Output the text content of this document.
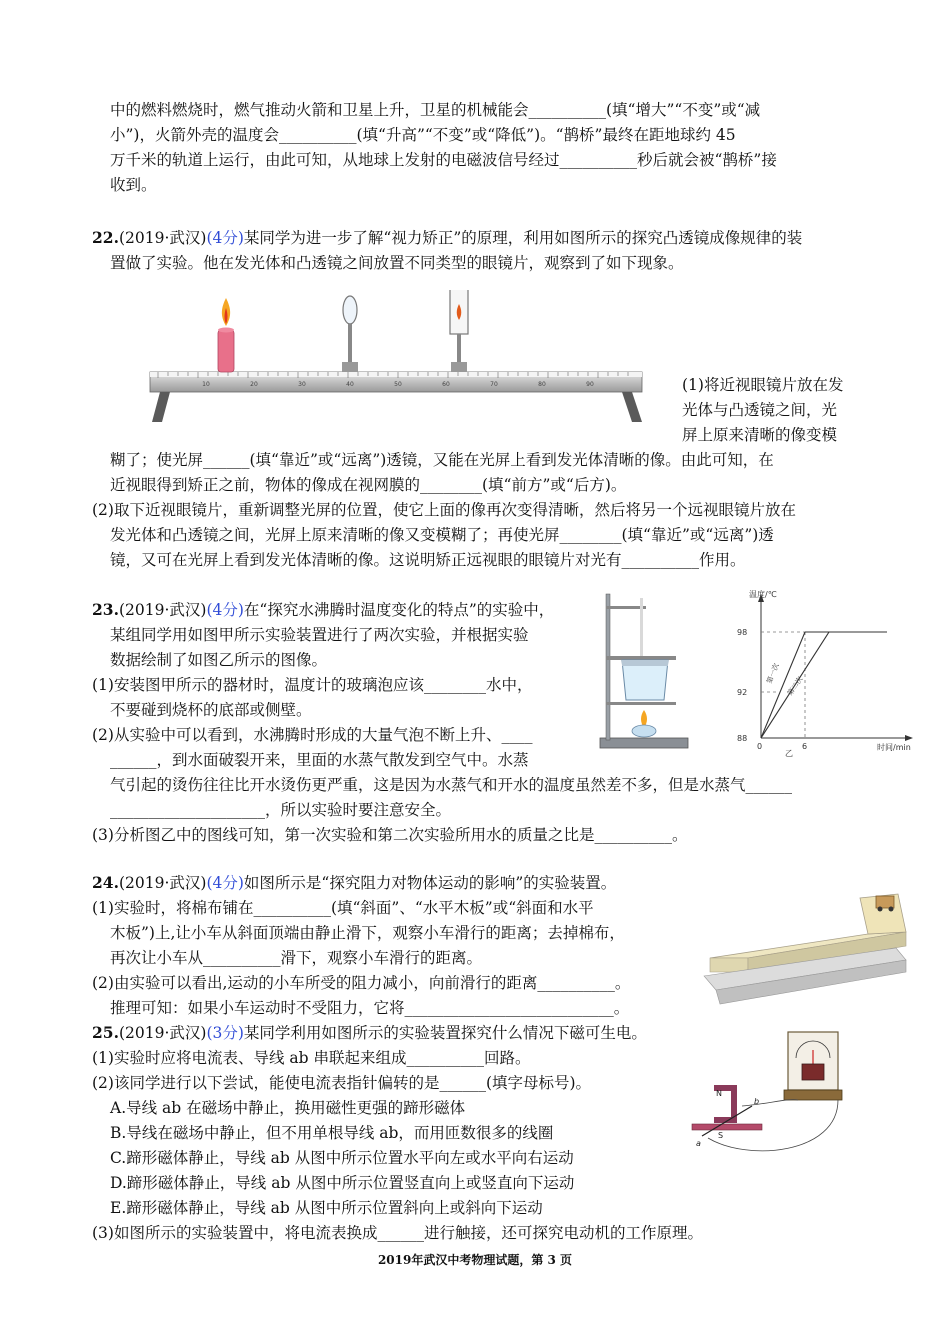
中的燃料燃烧时，燃气推动火箭和卫星上升，卫星的机械能会__________(填“增大”“不变”或“减
小”)，火箭外壳的温度会__________(填“升高”“不变”或“降低”)。“鹊桥”最终在距地球约 45
万千米的轨道上运行，由此可知，从地球上发射的电磁波信号经过__________秒后就会被“鹊桥”接
收到。
22.(2019·武汉)(4分)某同学为进一步了解“视力矫正”的原理，利用如图所示的探究凸透镜成像规律的装
置做了实验。他在发光体和凸透镜之间放置不同类型的眼镜片，观察到了如下现象。
10	20	30	40	50	60	70	80	90	(1)将近视眼镜片放在发
光体与凸透镜之间，光
屏上原来清晰的像变模
糊了；使光屏______(填“靠近”或“远离”)透镜，又能在光屏上看到发光体清晰的像。由此可知，在
近视眼得到矫正之前，物体的像成在视网膜的________(填“前方”或“后方)。
(2)取下近视眼镜片，重新调整光屏的位置，使它上面的像再次变得清晰，然后将另一个远视眼镜片放在
发光体和凸透镜之间，光屏上原来清晰的像又变模糊了；再使光屏________(填“靠近”或“远离”)透
镜，又可在光屏上看到发光体清晰的像。这说明矫正远视眼的眼镜片对光有__________作用。
23.(2019·武汉)(4分)在“探究水沸腾时温度变化的特点”的实验中，
某组同学用如图甲所示实验装置进行了两次实验，并根据实验
数据绘制了如图乙所示的图像。
(1)安装图甲所示的器材时，温度计的玻璃泡应该________水中，
不要碰到烧杯的底部或侧壁。
(2)从实验中可以看到，水沸腾时形成的大量气泡不断上升、____
______，到水面破裂开来，里面的水蒸气散发到空气中。水蒸
气引起的烫伤往往比开水烫伤更严重，这是因为水蒸气和开水的温度虽然差不多，但是水蒸气______
____________________，所以实验时要注意安全。
(3)分析图乙中的图线可知，第一次实验和第二次实验所用水的质量之比是__________。
温度/℃
时间/min
98
92
88
0	6
乙
第一次
第二次
24.(2019·武汉)(4分)如图所示是“探究阻力对物体运动的影响”的实验装置。
(1)实验时，将棉布铺在__________(填“斜面”、“水平木板”或“斜面和水平
木板”)上,让小车从斜面顶端由静止滑下，观察小车滑行的距离；去掉棉布，
再次让小车从__________滑下，观察小车滑行的距离。
(2)由实验可以看出,运动的小车所受的阻力减小，向前滑行的距离__________。
推理可知：如果小车运动时不受阻力，它将___________________________。
25.(2019·武汉)(3分)某同学利用如图所示的实验装置探究什么情况下磁可生电。
(1)实验时应将电流表、导线 ab 串联起来组成__________回路。
(2)该同学进行以下尝试，能使电流表指针偏转的是______(填字母标号)。
A.导线 ab 在磁场中静止，换用磁性更强的蹄形磁体
B.导线在磁场中静止，但不用单根导线 ab，而用匝数很多的线圈
C.蹄形磁体静止，导线 ab 从图中所示位置水平向左或水平向右运动
D.蹄形磁体静止，导线 ab 从图中所示位置竖直向上或竖直向下运动
E.蹄形磁体静止，导线 ab 从图中所示位置斜向上或斜向下运动
(3)如图所示的实验装置中，将电流表换成______进行触接，还可探究电动机的工作原理。
N
S
a
b
2019年武汉中考物理试题，第 3 页
